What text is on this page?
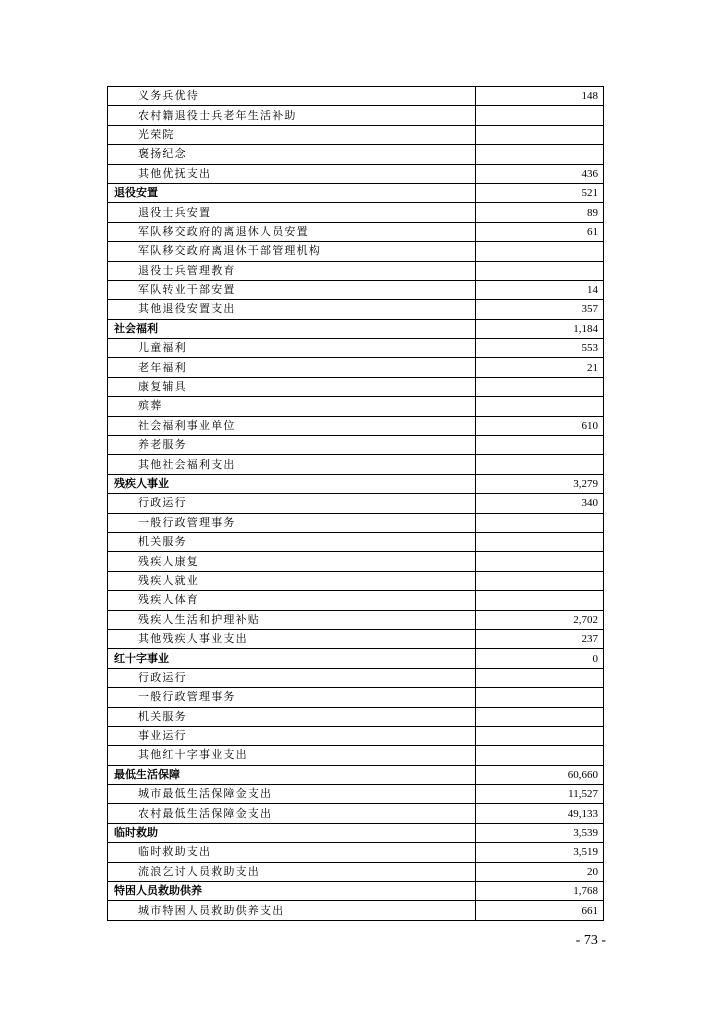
义务兵优待	148
农村籍退役士兵老年生活补助	
光荣院	
褒扬纪念	
其他优抚支出	436
退役安置	521
退役士兵安置	89
军队移交政府的离退休人员安置	61
军队移交政府离退休干部管理机构	
退役士兵管理教育	
军队转业干部安置	14
其他退役安置支出	357
社会福利	1,184
儿童福利	553
老年福利	21
康复辅具	
殡葬	
社会福利事业单位	610
养老服务	
其他社会福利支出	
残疾人事业	3,279
行政运行	340
一般行政管理事务	
机关服务	
残疾人康复	
残疾人就业	
残疾人体育	
残疾人生活和护理补贴	2,702
其他残疾人事业支出	237
红十字事业	0
行政运行	
一般行政管理事务	
机关服务	
事业运行	
其他红十字事业支出	
最低生活保障	60,660
城市最低生活保障金支出	11,527
农村最低生活保障金支出	49,133
临时救助	3,539
临时救助支出	3,519
流浪乞讨人员救助支出	20
特困人员救助供养	1,768
城市特困人员救助供养支出	661
- 73 -
